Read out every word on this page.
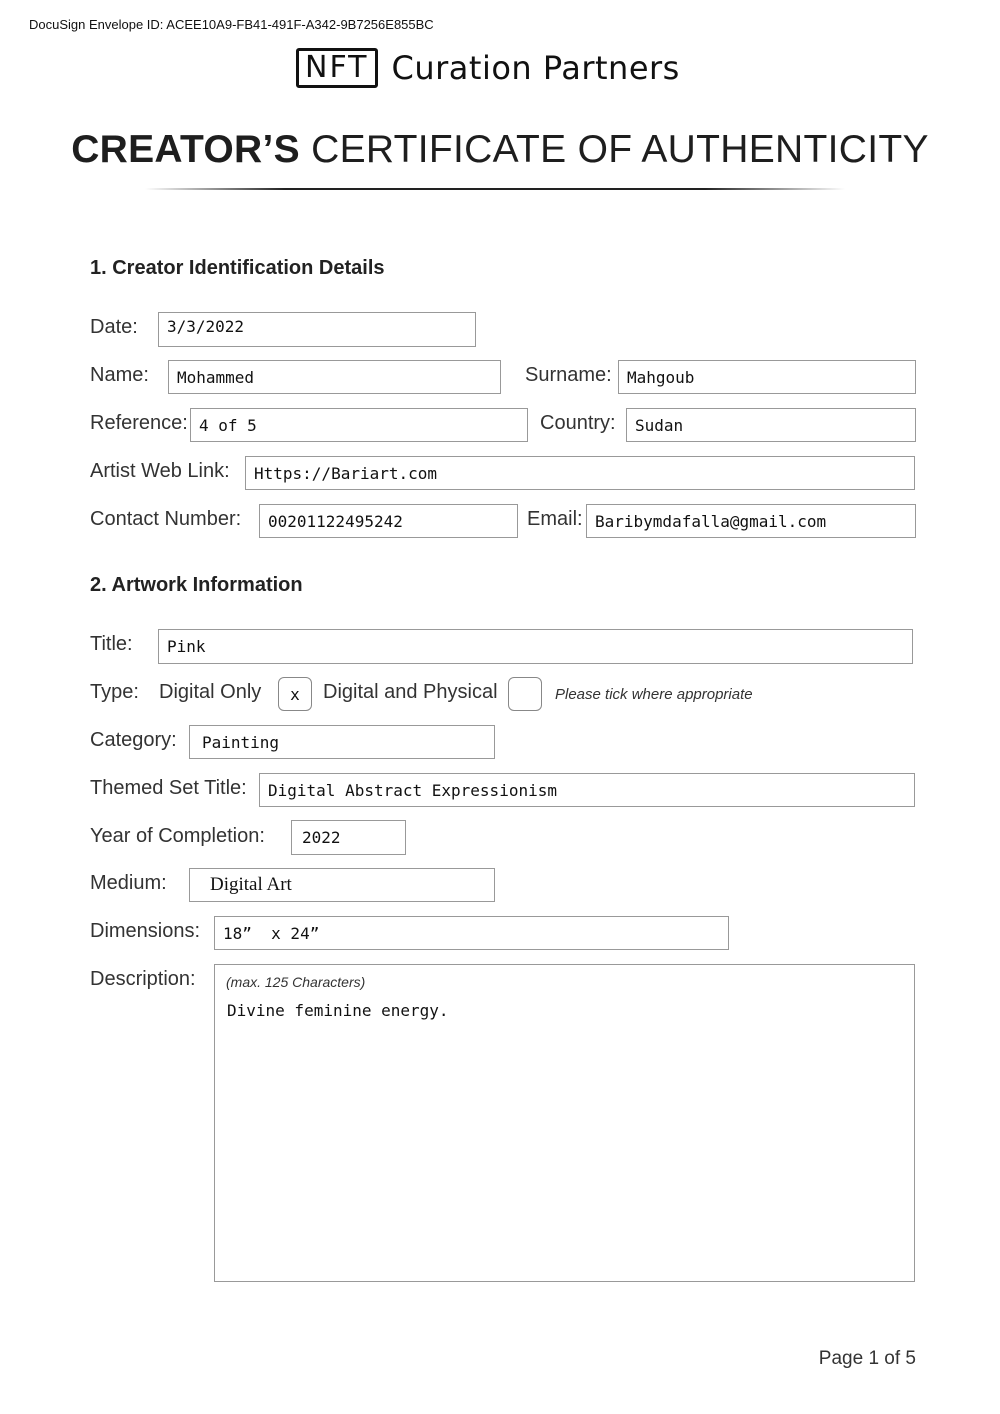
DocuSign Envelope ID: ACEE10A9-FB41-491F-A342-9B7256E855BC
NFT Curation Partners
CREATOR’S CERTIFICATE OF AUTHENTICITY
1. Creator Identification Details
Date:	3/3/2022
Name:	Mohammed	Surname: Mahgoub
Reference: 4 of 5	Country:	Sudan
Artist Web Link:	Https://Bariart.com
Contact Number:	00201122495242	Email: Baribymdafalla@gmail.com
2. Artwork Information
Title:	Pink
Type: Digital Only	x	Digital and Physical	Please tick where appropriate
Category:	Painting
Themed Set Title:	Digital Abstract Expressionism
Year of Completion:	2022
Medium:	Digital Art
Dimensions:	18”  x 24”
Description: (max. 125 Characters)
Divine feminine energy.
Page 1 of 5
